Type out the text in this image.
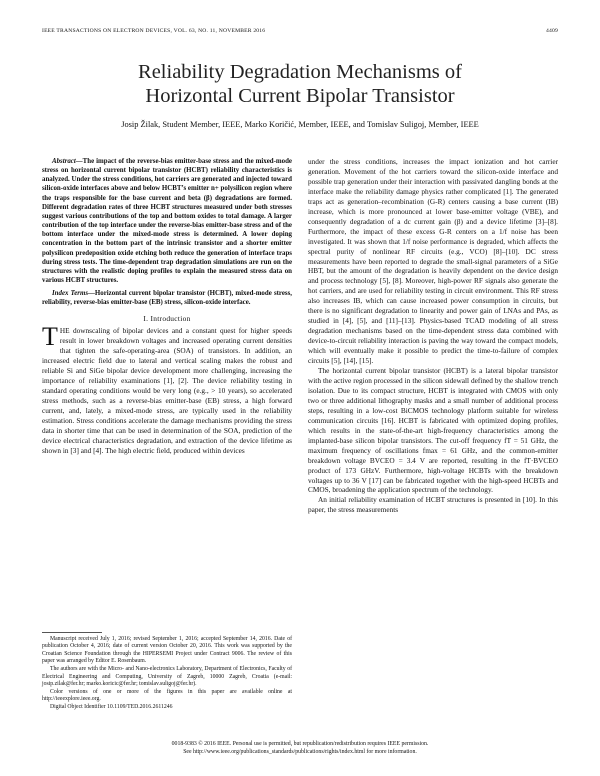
IEEE TRANSACTIONS ON ELECTRON DEVICES, VOL. 63, NO. 11, NOVEMBER 2016	4409
Reliability Degradation Mechanisms of
Horizontal Current Bipolar Transistor
Josip Žilak, Student Member, IEEE, Marko Koričić, Member, IEEE, and Tomislav Suligoj, Member, IEEE

Abstract—The impact of the reverse-bias emitter-base stress and the mixed-mode stress on horizontal current bipolar transistor (HCBT) reliability characteristics is analyzed. Under the stress conditions, hot carriers are generated and injected toward silicon-oxide interfaces above and below HCBT’s emitter n+ polysilicon region where the traps responsible for the base current and beta (β) degradations are formed. Different degradation rates of three HCBT structures measured under both stresses suggest various contributions of the top and bottom oxides to total damage. A larger contribution of the top interface under the reverse-bias emitter-base stress and of the bottom interface under the mixed-mode stress is determined. A lower doping concentration in the bottom part of the intrinsic transistor and a shorter emitter polysilicon predeposition oxide etching both reduce the generation of interface traps during stress tests. The time-dependent trap degradation simulations are run on the structures with the realistic doping profiles to explain the measured stress data on various HCBT structures.

Index Terms—Horizontal current bipolar transistor (HCBT), mixed-mode stress, reliability, reverse-bias emitter-base (EB) stress, silicon-oxide interface.

I. Introduction

THE downscaling of bipolar devices and a constant quest for higher speeds result in lower breakdown voltages and increased operating current densities that tighten the safe-operating-area (SOA) of transistors. In addition, an increased electric field due to lateral and vertical scaling makes the robust and reliable Si and SiGe bipolar device development more challenging, increasing the importance of reliability examinations [1], [2]. The device reliability testing in standard operating conditions would be very long (e.g., > 10 years), so accelerated stress methods, such as a reverse-bias emitter-base (EB) stress, a high forward current, and, lately, a mixed-mode stress, are typically used in the reliability estimation. Stress conditions accelerate the damage mechanisms providing the stress data in shorter time that can be used in determination of the SOA, prediction of the device electrical characteristics degradation, and extraction of the device lifetime as shown in [3] and [4]. The high electric field, produced within devices

Manuscript received July 1, 2016; revised September 1, 2016; accepted September 14, 2016. Date of publication October 4, 2016; date of current version October 20, 2016. This work was supported by the Croatian Science Foundation through the HIPERSEMI Project under Contract 9006. The review of this paper was arranged by Editor E. Rosenbaum.

The authors are with the Micro- and Nano-electronics Laboratory, Department of Electronics, Faculty of Electrical Engineering and Computing, University of Zagreb, 10000 Zagreb, Croatia (e-mail: josip.zilak@fer.hr; marko.koricic@fer.hr; tomislav.suligoj@fer.hr).

Color versions of one or more of the figures in this paper are available online at http://ieeexplore.ieee.org.

Digital Object Identifier 10.1109/TED.2016.2611246

under the stress conditions, increases the impact ionization and hot carrier generation. Movement of the hot carriers toward the silicon-oxide interface and possible trap generation under their interaction with passivated dangling bonds at the interface make the reliability damage physics rather complicated [1]. The generated traps act as generation–recombination (G-R) centers causing a base current (IB) increase, which is more pronounced at lower base-emitter voltage (VBE), and consequently degradation of a dc current gain (β) and a device lifetime [3]–[8]. Furthermore, the impact of these excess G-R centers on a 1/f noise has been investigated. It was shown that 1/f noise performance is degraded, which affects the spectral purity of nonlinear RF circuits (e.g., VCO) [8]–[10]. DC stress measurements have been reported to degrade the small-signal parameters of a SiGe HBT, but the amount of the degradation is heavily dependent on the device design and process technology [5], [8]. Moreover, high-power RF signals also generate the hot carriers, and are used for reliability testing in circuit environment. This RF stress also increases IB, which can cause increased power consumption in circuits, but there is no significant degradation to linearity and power gain of LNAs and PAs, as studied in [4], [5], and [11]–[13]. Physics-based TCAD modeling of all stress degradation mechanisms based on the time-dependent stress data combined with device-to-circuit reliability interaction is paving the way toward the compact models, which will eventually make it possible to predict the time-to-failure of complex circuits [5], [14], [15].

The horizontal current bipolar transistor (HCBT) is a lateral bipolar transistor with the active region processed in the silicon sidewall defined by the shallow trench isolation. Due to its compact structure, HCBT is integrated with CMOS with only two or three additional lithography masks and a small number of additional process steps, resulting in a low-cost BiCMOS technology platform suitable for wireless communication circuits [16]. HCBT is fabricated with optimized doping profiles, which results in the state-of-the-art high-frequency characteristics among the implanted-base silicon bipolar transistors. The cut-off frequency fT = 51 GHz, the maximum frequency of oscillations fmax = 61 GHz, and the common-emitter breakdown voltage BVCEO = 3.4 V are reported, resulting in the fT·BVCEO product of 173 GHzV. Furthermore, high-voltage HCBTs with the breakdown voltages up to 36 V [17] can be fabricated together with the high-speed HCBTs and CMOS, broadening the application spectrum of the technology.

An initial reliability examination of HCBT structures is presented in [10]. In this paper, the stress measurements

0018-9383 © 2016 IEEE. Personal use is permitted, but republication/redistribution requires IEEE permission.
See http://www.ieee.org/publications_standards/publications/rights/index.html for more information.
